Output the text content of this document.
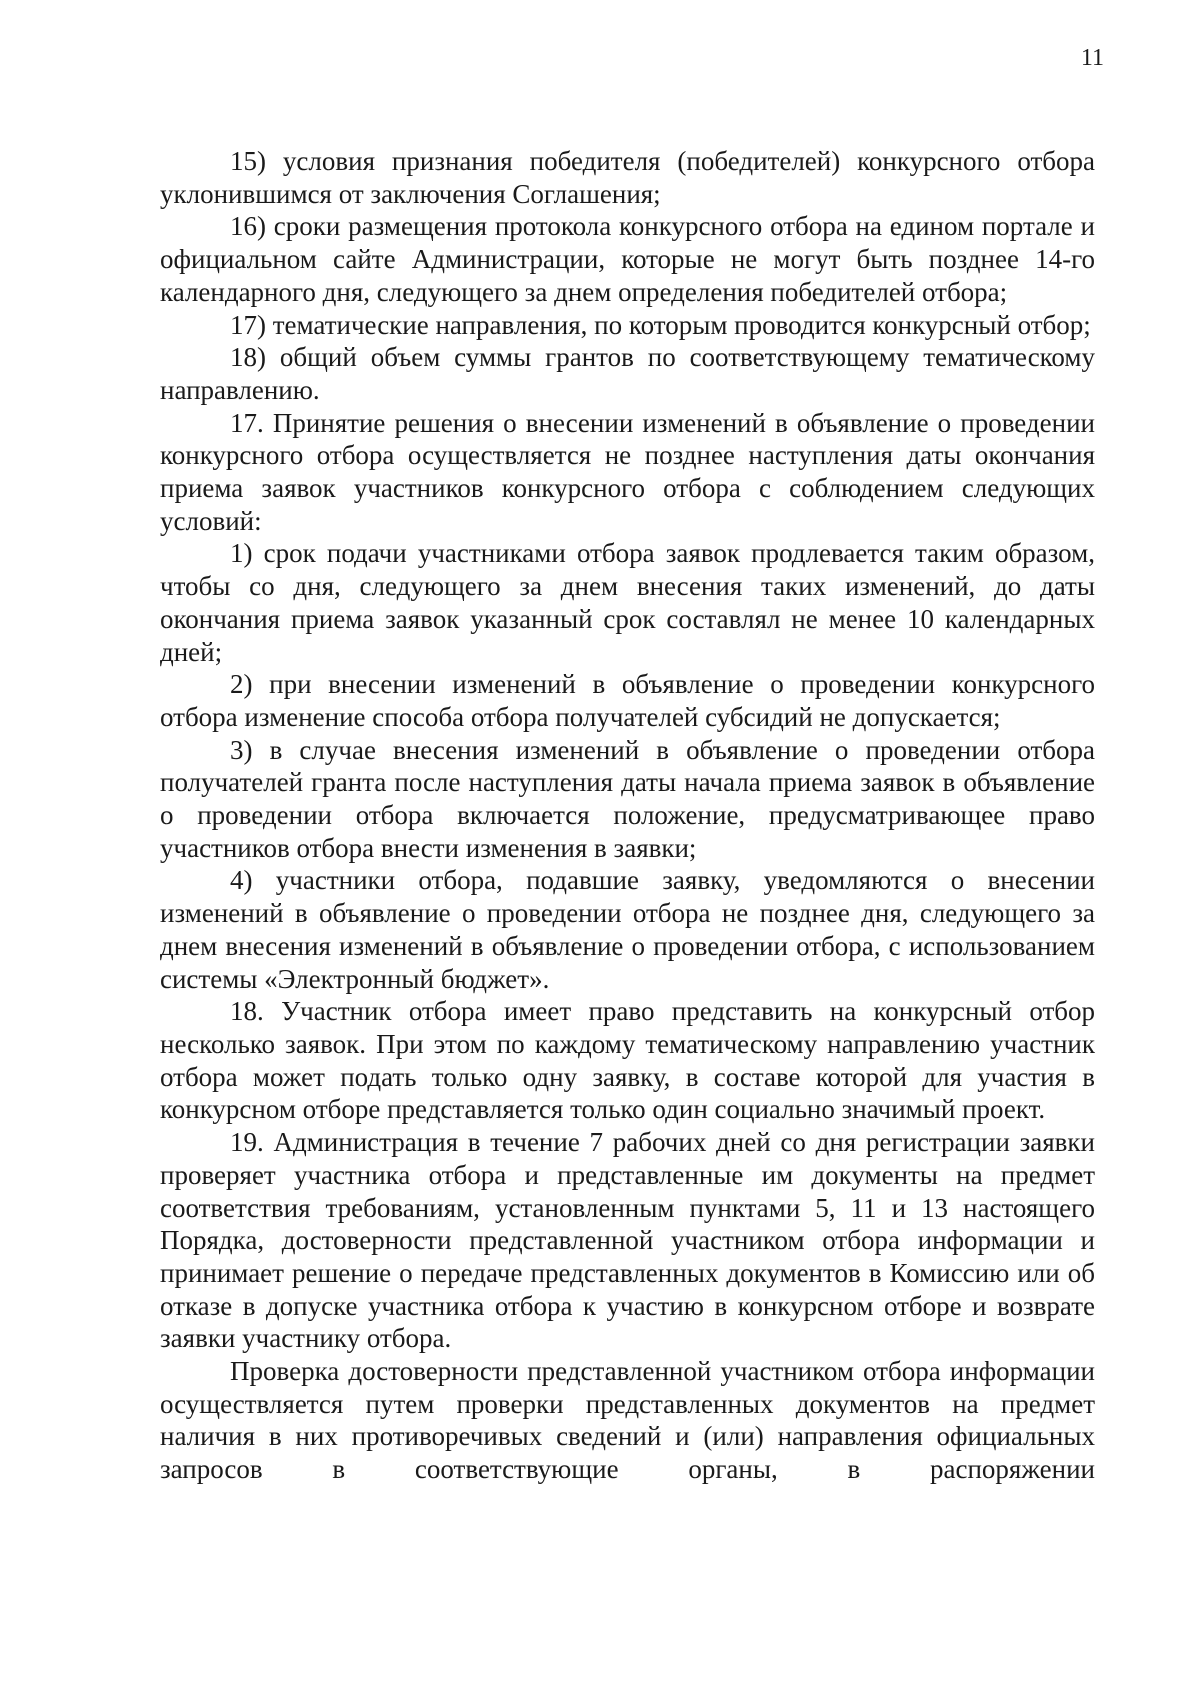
11

15) условия признания победителя (победителей) конкурсного отбора уклонившимся от заключения Соглашения;

16) сроки размещения протокола конкурсного отбора на едином портале и официальном сайте Администрации, которые не могут быть позднее 14-го календарного дня, следующего за днем определения победителей отбора;

17) тематические направления, по которым проводится конкурсный отбор;

18) общий объем суммы грантов по соответствующему тематическому направлению.

17. Принятие решения о внесении изменений в объявление о проведении конкурсного отбора осуществляется не позднее наступления даты окончания приема заявок участников конкурсного отбора с соблюдением следующих условий:

1) срок подачи участниками отбора заявок продлевается таким образом, чтобы со дня, следующего за днем внесения таких изменений, до даты окончания приема заявок указанный срок составлял не менее 10 календарных дней;

2) при внесении изменений в объявление о проведении конкурсного отбора изменение способа отбора получателей субсидий не допускается;

3) в случае внесения изменений в объявление о проведении отбора получателей гранта после наступления даты начала приема заявок в объявление о проведении отбора включается положение, предусматривающее право участников отбора внести изменения в заявки;

4) участники отбора, подавшие заявку, уведомляются о внесении изменений в объявление о проведении отбора не позднее дня, следующего за днем внесения изменений в объявление о проведении отбора, с использованием системы «Электронный бюджет».

18. Участник отбора имеет право представить на конкурсный отбор несколько заявок. При этом по каждому тематическому направлению участник отбора может подать только одну заявку, в составе которой для участия в конкурсном отборе представляется только один социально значимый проект.

19. Администрация в течение 7 рабочих дней со дня регистрации заявки проверяет участника отбора и представленные им документы на предмет соответствия требованиям, установленным пунктами 5, 11 и 13 настоящего Порядка, достоверности представленной участником отбора информации и принимает решение о передаче представленных документов в Комиссию или об отказе в допуске участника отбора к участию в конкурсном отборе и возврате заявки участнику отбора.

Проверка достоверности представленной участником отбора информации осуществляется путем проверки представленных документов на предмет наличия в них противоречивых сведений и (или) направления официальных запросов в соответствующие органы, в распоряжении
